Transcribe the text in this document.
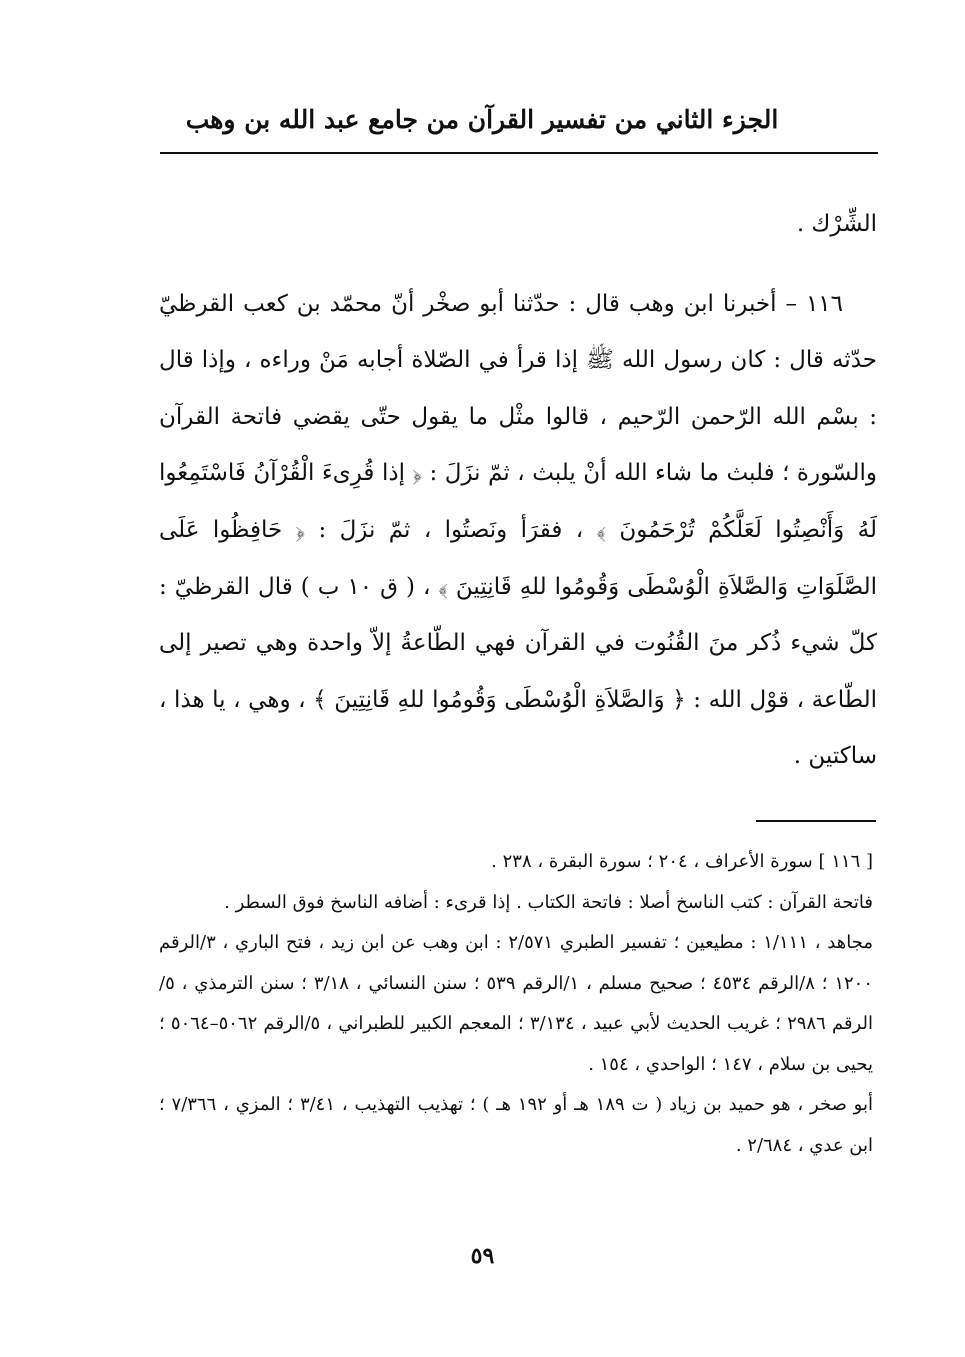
الجزء الثاني من تفسير القرآن من جامع عبد الله بن وهب

الشِّرْك .

١١٦ – أخبرنا ابن وهب قال : حدّثنا أبو صخْر أنّ محمّد بن كعب القرظيّ حدّثه قال : كان رسول الله ﷺ إذا قرأ في الصّلاة أجابه مَنْ وراءه ، وإذا قال : بسْم الله الرّحمن الرّحيم ، قالوا مثْل ما يقول حتّى يقضي فاتحة القرآن والسّورة ؛ فلبث ما شاء الله أنْ يلبث ، ثمّ نزَلَ : ﴿ إذا قُرِىءَ الْقُرْآنُ فَاسْتَمِعُوا لَهُ وَأَنْصِتُوا لَعَلَّكُمْ تُرْحَمُونَ ﴾ ، فقرَأ ونَصتُوا ، ثمّ نزَلَ : ﴿ حَافِظُوا عَلَى الصَّلَوَاتِ وَالصَّلاَةِ الْوُسْطَى وَقُومُوا للهِ قَانِتِينَ ﴾ ، ( ق ١٠ ب ) قال القرظيّ : كلّ شيء ذُكر منَ القُنُوت في القرآن فهي الطّاعةُ إلاّ واحدة وهي تصير إلى الطّاعة ، قوْل الله : ﴿ وَالصَّلاَةِ الْوُسْطَى وَقُومُوا للهِ قَانِتِينَ ﴾ ، وهي ، يا هذا ، ساكتين .

[ ١١٦ ] سورة الأعراف ، ٢٠٤ ؛ سورة البقرة ، ٢٣٨ .

فاتحة القرآن : كتب الناسخ أصلا : فاتحة الكتاب . إذا قرىء : أضافه الناسخ فوق السطر .

مجاهد ، ١/١١١ : مطيعين ؛ تفسير الطبري ٢/٥٧١ : ابن وهب عن ابن زيد ، فتح الباري ، ٣/الرقم ١٢٠٠ ؛ ٨/الرقم ٤٥٣٤ ؛ صحيح مسلم ، ١/الرقم ٥٣٩ ؛ سنن النسائي ، ٣/١٨ ؛ سنن الترمذي ، ٥/الرقم ٢٩٨٦ ؛ غريب الحديث لأبي عبيد ، ٣/١٣٤ ؛ المعجم الكبير للطبراني ، ٥/الرقم ٥٠٦٢–٥٠٦٤ ؛ يحيى بن سلام ، ١٤٧ ؛ الواحدي ، ١٥٤ .

أبو صخر ، هو حميد بن زياد ( ت ١٨٩ هـ أو ١٩٢ هـ ) ؛ تهذيب التهذيب ، ٣/٤١ ؛ المزي ، ٧/٣٦٦ ؛ ابن عدي ، ٢/٦٨٤ .

٥٩
